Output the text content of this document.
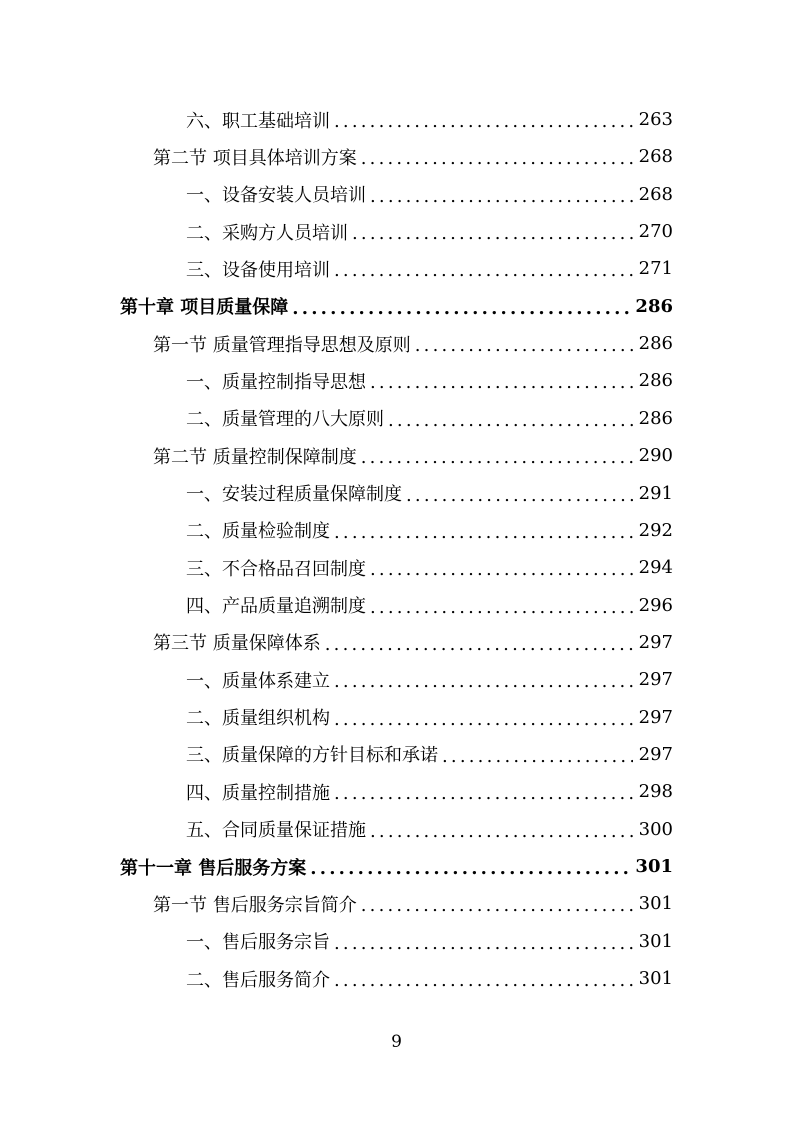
六、职工基础培训 .....	263
第二节 项目具体培训方案 .....	268
一、设备安装人员培训 .....	268
二、采购方人员培训 .....	270
三、设备使用培训 .....	271
第十章 项目质量保障 .....	286
第一节 质量管理指导思想及原则 .....	286
一、质量控制指导思想 .....	286
二、质量管理的八大原则 .....	286
第二节 质量控制保障制度 .....	290
一、安装过程质量保障制度 .....	291
二、质量检验制度 .....	292
三、不合格品召回制度 .....	294
四、产品质量追溯制度 .....	296
第三节 质量保障体系 .....	297
一、质量体系建立 .....	297
二、质量组织机构 .....	297
三、质量保障的方针目标和承诺 .....	297
四、质量控制措施 .....	298
五、合同质量保证措施 .....	300
第十一章 售后服务方案 .....	301
第一节 售后服务宗旨简介 .....	301
一、售后服务宗旨 .....	301
二、售后服务简介 .....	301
9
